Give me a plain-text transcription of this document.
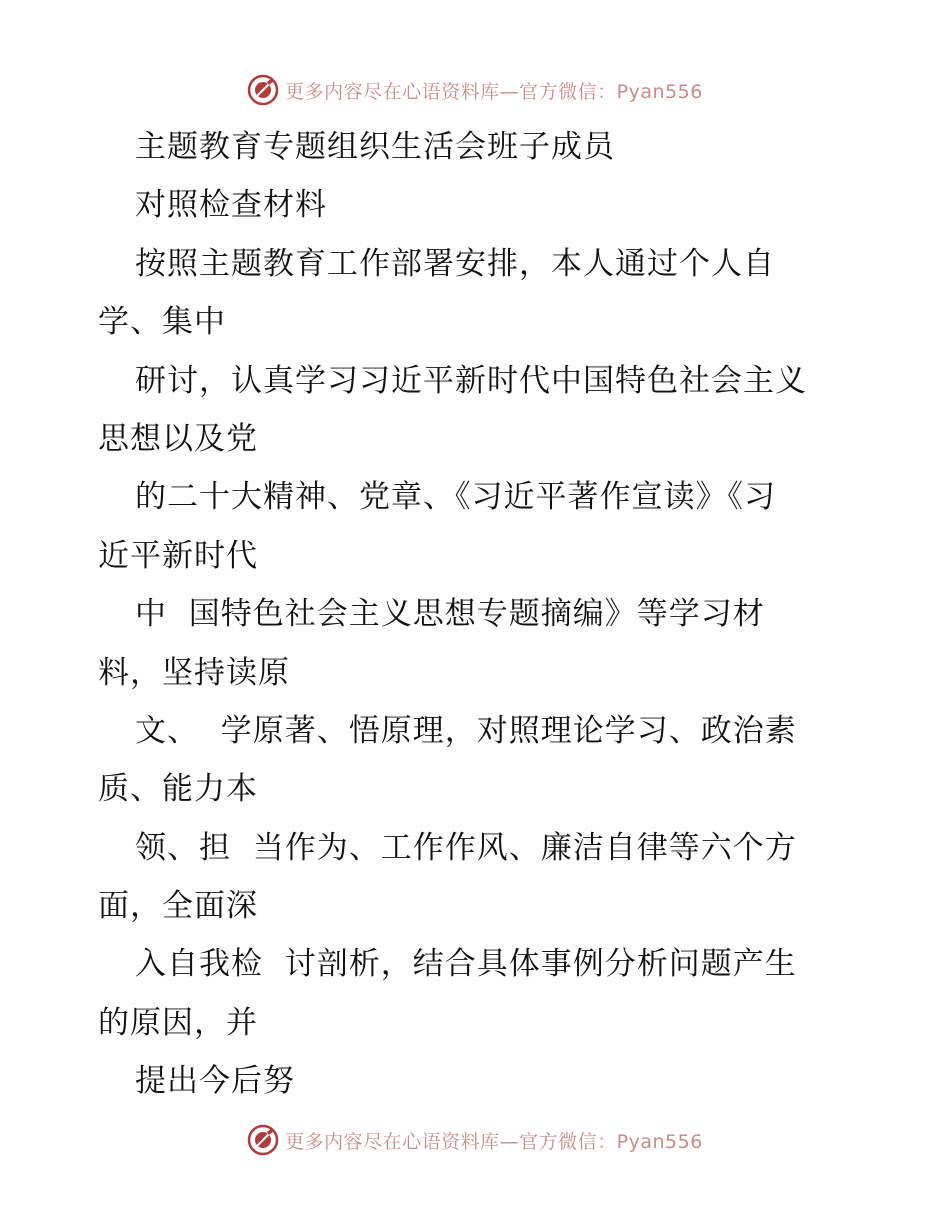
更多内容尽在心语资料库—官方微信：Pyan556
主题教育专题组织生活会班子成员
对照检查材料
按照主题教育工作部署安排，本人通过个人自
学、集中
研讨，认真学习习近平新时代中国特色社会主义
思想以及党
的二十大精神、党章、《习近平著作宣读》《习
近平新时代
中  国特色社会主义思想专题摘编》等学习材
料，坚持读原
文、  学原著、悟原理，对照理论学习、政治素
质、能力本
领、担  当作为、工作作风、廉洁自律等六个方
面，全面深
入自我检  讨剖析，结合具体事例分析问题产生
的原因，并
提出今后努
更多内容尽在心语资料库—官方微信：Pyan556
